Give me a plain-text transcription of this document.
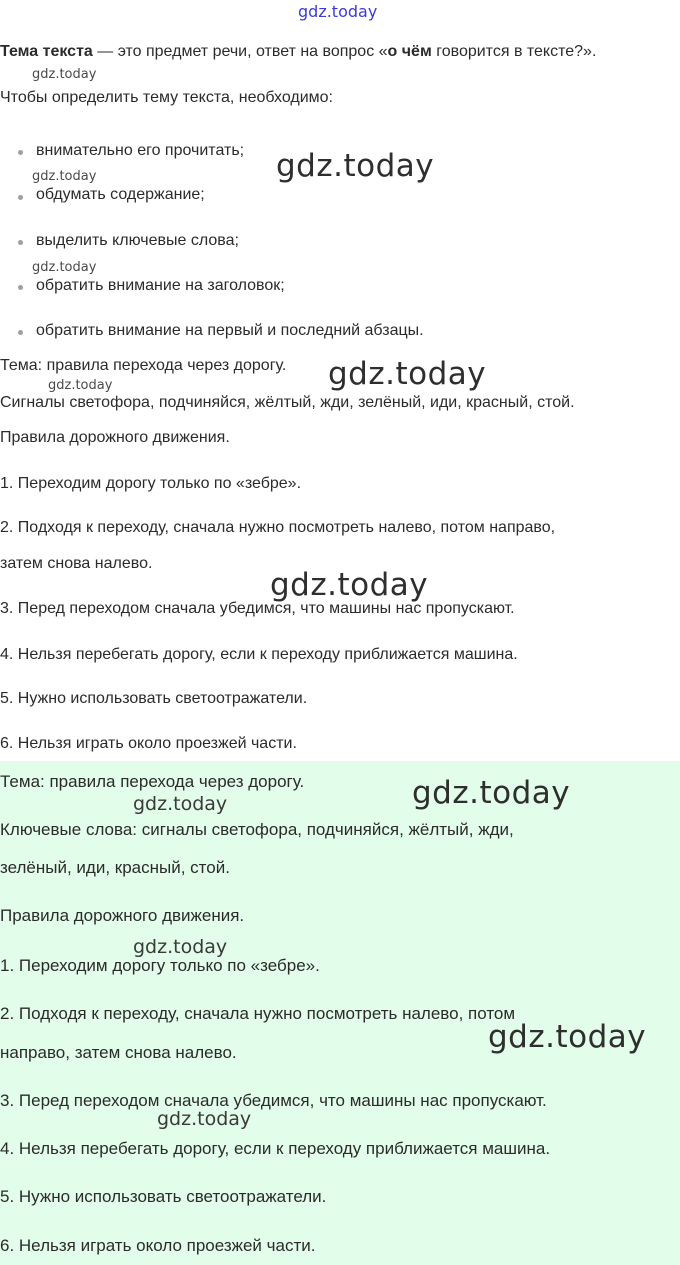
gdz.today
Тема текста — это предмет речи, ответ на вопрос «о чём говорится в тексте?».
gdz.today
Чтобы определить тему текста, необходимо:
внимательно его прочитать;
обдумать содержание;
выделить ключевые слова;
обратить внимание на заголовок;
обратить внимание на первый и последний абзацы.
gdz.today
gdz.today
gdz.today
Тема: правила перехода через дорогу. gdz.today
gdz.today
Сигналы светофора, подчиняйся, жёлтый, жди, зелёный, иди, красный, стой.
Правила дорожного движения.
1. Переходим дорогу только по «зебре».
2. Подходя к переходу, сначала нужно посмотреть налево, потом направо,
затем снова налево.
3. Перед переходом сначала убедимся, что машины нас пропускают.
4. Нельзя перебегать дорогу, если к переходу приближается машина.
5. Нужно использовать светоотражатели.
6. Нельзя играть около проезжей части.
gdz.today
Тема: правила перехода через дорогу.
gdz.today	gdz.today
Ключевые слова: сигналы светофора, подчиняйся, жёлтый, жди,
зелёный, иди, красный, стой.
Правила дорожного движения.
gdz.today
1. Переходим дорогу только по «зебре».
2. Подходя к переходу, сначала нужно посмотреть налево, потом
направо, затем снова налево.
3. Перед переходом сначала убедимся, что машины нас пропускают.
4. Нельзя перебегать дорогу, если к переходу приближается машина.
5. Нужно использовать светоотражатели.
6. Нельзя играть около проезжей части.
gdz.today
gdz.today
